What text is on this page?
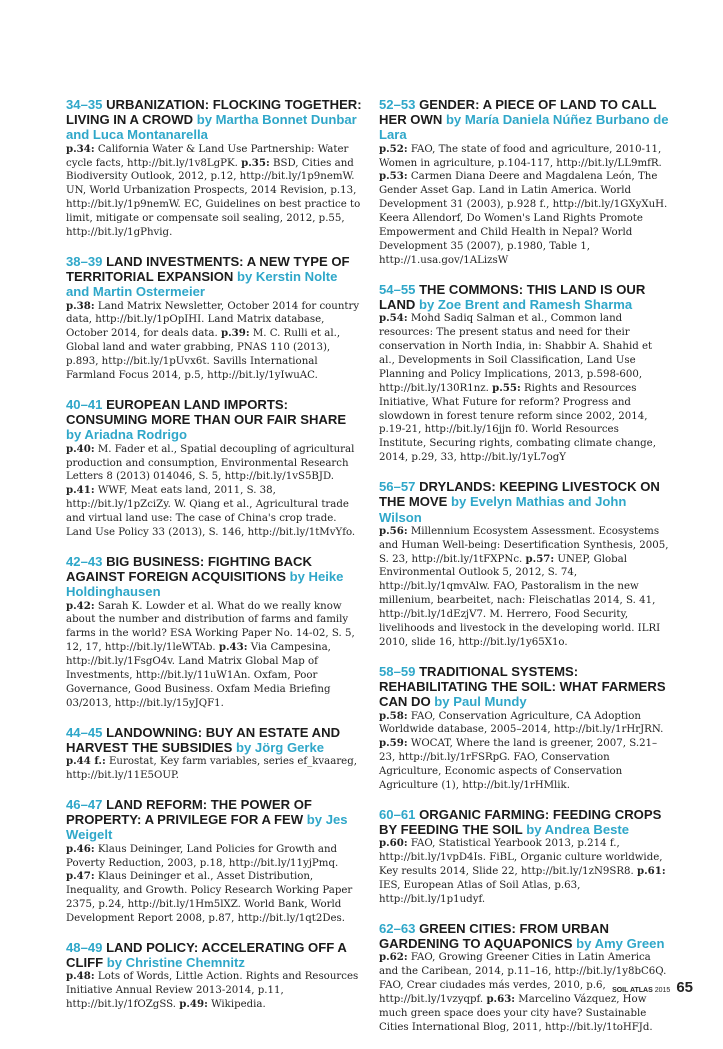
34–35 URBANIZATION: FLOCKING TOGETHER: LIVING IN A CROWD by Martha Bonnet Dunbar and Luca Montanarella
p.34: California Water & Land Use Partnership: Water cycle facts, http://bit.ly/1v8LgPK. p.35: BSD, Cities and Biodiversity Outlook, 2012, p.12, http://bit.ly/1p9nemW. UN, World Urbanization Prospects, 2014 Revision, p.13, http://bit.ly/1p9nemW. EC, Guidelines on best practice to limit, mitigate or compensate soil sealing, 2012, p.55, http://bit.ly/1gPhvig.
38–39 LAND INVESTMENTS: A NEW TYPE OF TERRITORIAL EXPANSION by Kerstin Nolte and Martin Ostermeier
p.38: Land Matrix Newsletter, October 2014 for country data, http://bit.ly/1pOpIHI. Land Matrix database, October 2014, for deals data. p.39: M. C. Rulli et al., Global land and water grabbing, PNAS 110 (2013), p.893, http://bit.ly/1pUvx6t. Savills International Farmland Focus 2014, p.5, http://bit.ly/1yIwuAC.
40–41 EUROPEAN LAND IMPORTS: CONSUMING MORE THAN OUR FAIR SHARE by Ariadna Rodrigo
p.40: M. Fader et al., Spatial decoupling of agricultural production and consumption, Environmental Research Letters 8 (2013) 014046, S. 5, http://bit.ly/1vS5BJD. p.41: WWF, Meat eats land, 2011, S. 38, http://bit.ly/1pZciZy. W. Qiang et al., Agricultural trade and virtual land use: The case of China's crop trade. Land Use Policy 33 (2013), S. 146, http://bit.ly/1tMvYfo.
42–43 BIG BUSINESS: FIGHTING BACK AGAINST FOREIGN ACQUISITIONS by Heike Holdinghausen
p.42: Sarah K. Lowder et al. What do we really know about the number and distribution of farms and family farms in the world? ESA Working Paper No. 14-02, S. 5, 12, 17, http://bit.ly/1leWTAb. p.43: Via Campesina, http://bit.ly/1FsgO4v. Land Matrix Global Map of Investments, http://bit.ly/11uW1An. Oxfam, Poor Governance, Good Business. Oxfam Media Briefing 03/2013, http://bit.ly/15yJQF1.
44–45 LANDOWNING: BUY AN ESTATE AND HARVEST THE SUBSIDIES by Jörg Gerke
p.44 f.: Eurostat, Key farm variables, series ef_kvaareg, http://bit.ly/11E5OUP.
46–47 LAND REFORM: THE POWER OF PROPERTY: A PRIVILEGE FOR A FEW by Jes Weigelt
p.46: Klaus Deininger, Land Policies for Growth and Poverty Reduction, 2003, p.18, http://bit.ly/11yjPmq. p.47: Klaus Deininger et al., Asset Distribution, Inequality, and Growth. Policy Research Working Paper 2375, p.24, http://bit.ly/1Hm5lXZ. World Bank, World Development Report 2008, p.87, http://bit.ly/1qt2Des.
48–49 LAND POLICY: ACCELERATING OFF A CLIFF by Christine Chemnitz
p.48: Lots of Words, Little Action. Rights and Resources Initiative Annual Review 2013-2014, p.11, http://bit.ly/1fOZgSS. p.49: Wikipedia.
52–53 GENDER: A PIECE OF LAND TO CALL HER OWN by María Daniela Núñez Burbano de Lara
p.52: FAO, The state of food and agriculture, 2010-11, Women in agriculture, p.104-117, http://bit.ly/LL9mfR. p.53: Carmen Diana Deere and Magdalena León, The Gender Asset Gap. Land in Latin America. World Development 31 (2003), p.928 f., http://bit.ly/1GXyXuH. Keera Allendorf, Do Women's Land Rights Promote Empowerment and Child Health in Nepal? World Development 35 (2007), p.1980, Table 1, http://1.usa.gov/1ALizsW
54–55 THE COMMONS: THIS LAND IS OUR LAND by Zoe Brent and Ramesh Sharma
p.54: Mohd Sadiq Salman et al., Common land resources: The present status and need for their conservation in North India, in: Shabbir A. Shahid et al., Developments in Soil Classification, Land Use Planning and Policy Implications, 2013, p.598-600, http://bit.ly/130R1nz. p.55: Rights and Resources Initiative, What Future for reform? Progress and slowdown in forest tenure reform since 2002, 2014, p.19-21, http://bit.ly/16jjn f0. World Resources Institute, Securing rights, combating climate change, 2014, p.29, 33, http://bit.ly/1yL7ogY
56–57 DRYLANDS: KEEPING LIVESTOCK ON THE MOVE by Evelyn Mathias and John Wilson
p.56: Millennium Ecosystem Assessment. Ecosystems and Human Well-being: Desertification Synthesis, 2005, S. 23, http://bit.ly/1tFXPNc. p.57: UNEP, Global Environmental Outlook 5, 2012, S. 74, http://bit.ly/1qmvAlw. FAO, Pastoralism in the new millenium, bearbeitet, nach: Fleischatlas 2014, S. 41, http://bit.ly/1dEzjV7. M. Herrero, Food Security, livelihoods and livestock in the developing world. ILRI 2010, slide 16, http://bit.ly/1y65X1o.
58–59 TRADITIONAL SYSTEMS: REHABILITATING THE SOIL: WHAT FARMERS CAN DO by Paul Mundy
p.58: FAO, Conservation Agriculture, CA Adoption Worldwide database, 2005–2014, http://bit.ly/1rHrJRN. p.59: WOCAT, Where the land is greener, 2007, S.21–23, http://bit.ly/1rFSRpG. FAO, Conservation Agriculture, Economic aspects of Conservation Agriculture (1), http://bit.ly/1rHMlik.
60–61 ORGANIC FARMING: FEEDING CROPS BY FEEDING THE SOIL by Andrea Beste
p.60: FAO, Statistical Yearbook 2013, p.214 f., http://bit.ly/1vpD4Is. FiBL, Organic culture worldwide, Key results 2014, Slide 22, http://bit.ly/1zN9SR8. p.61: IES, European Atlas of Soil Atlas, p.63, http://bit.ly/1p1udyf.
62–63 GREEN CITIES: FROM URBAN GARDENING TO AQUAPONICS by Amy Green
p.62: FAO, Growing Greener Cities in Latin America and the Caribean, 2014, p.11–16, http://bit.ly/1y8bC6Q. FAO, Crear ciudades más verdes, 2010, p.6, http://bit.ly/1vzyqpf. p.63: Marcelino Vázquez, How much green space does your city have? Sustainable Cities International Blog, 2011, http://bit.ly/1toHFJd.
SOIL ATLAS 2015 65
